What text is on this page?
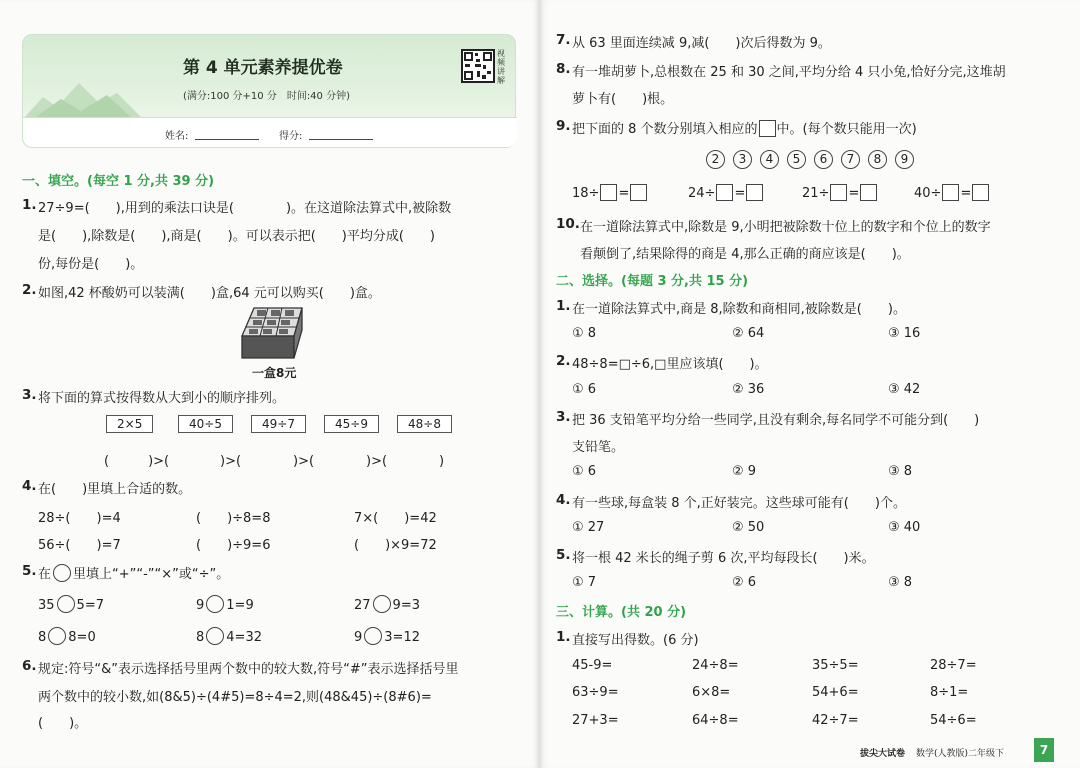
第 4 单元素养提优卷
(满分:100 分+10 分　时间:40 分钟)
视频讲解
姓名:	得分:
一、填空。(每空 1 分,共 39 分)
1. 27÷9=(　　),用到的乘法口诀是(　　　　)。在这道除法算式中,被除数
是(　　),除数是(　　),商是(　　)。可以表示把(　　)平均分成(　　)
份,每份是(　　)。
2. 如图,42 杯酸奶可以装满(　　)盒,64 元可以购买(　　)盒。
一盒8元
3. 将下面的算式按得数从大到小的顺序排列。
2×5	40÷5	49÷7	45÷9	48÷8
(　　　)>( 　　　)>( 　　　)>( 　　　)>( 　　　)
4. 在(　　)里填上合适的数。
28÷(　　)=4	(　　)÷8=8	7×(　　)=42
56÷(　　)=7	(　　)÷9=6	(　　)×9=72
5. 在 里填上“+”“-”“×”或“÷”。
35 5=7	9 1=9	27 9=3
8 8=0	8 4=32	9 3=12
6. 规定:符号“&”表示选择括号里两个数中的较大数,符号“#”表示选择括号里
两个数中的较小数,如(8&5)÷(4#5)=8÷4=2,则(48&45)÷(8#6)=
(　　)。
7. 从 63 里面连续减 9,减(　　)次后得数为 9。
8. 有一堆胡萝卜,总根数在 25 和 30 之间,平均分给 4 只小兔,恰好分完,这堆胡
萝卜有(　　)根。
9. 把下面的 8 个数分别填入相应的 中。(每个数只能用一次)
2 3 4 5 6 7 8 9
18÷ =	24÷ =	21÷ =	40÷ =
10. 在一道除法算式中,除数是 9,小明把被除数十位上的数字和个位上的数字
看颠倒了,结果除得的商是 4,那么正确的商应该是(　　)。
二、选择。(每题 3 分,共 15 分)
1. 在一道除法算式中,商是 8,除数和商相同,被除数是(　　)。
① 8	② 64	③ 16
2. 48÷8=□÷6,□里应该填(　　)。
① 6	② 36	③ 42
3. 把 36 支铅笔平均分给一些同学,且没有剩余,每名同学不可能分到(　　)
支铅笔。
① 6	② 9	③ 8
4. 有一些球,每盒装 8 个,正好装完。这些球可能有(　　)个。
① 27	② 50	③ 40
5. 将一根 42 米长的绳子剪 6 次,平均每段长(　　)米。
① 7	② 6	③ 8
三、计算。(共 20 分)
1. 直接写出得数。(6 分)
45-9=	24÷8=	35÷5=	28÷7=
63÷9=	6×8=	54+6=	8÷1=
27+3=	64÷8=	42÷7=	54÷6=
拔尖大试卷 数学(人教版)二年级下	7
